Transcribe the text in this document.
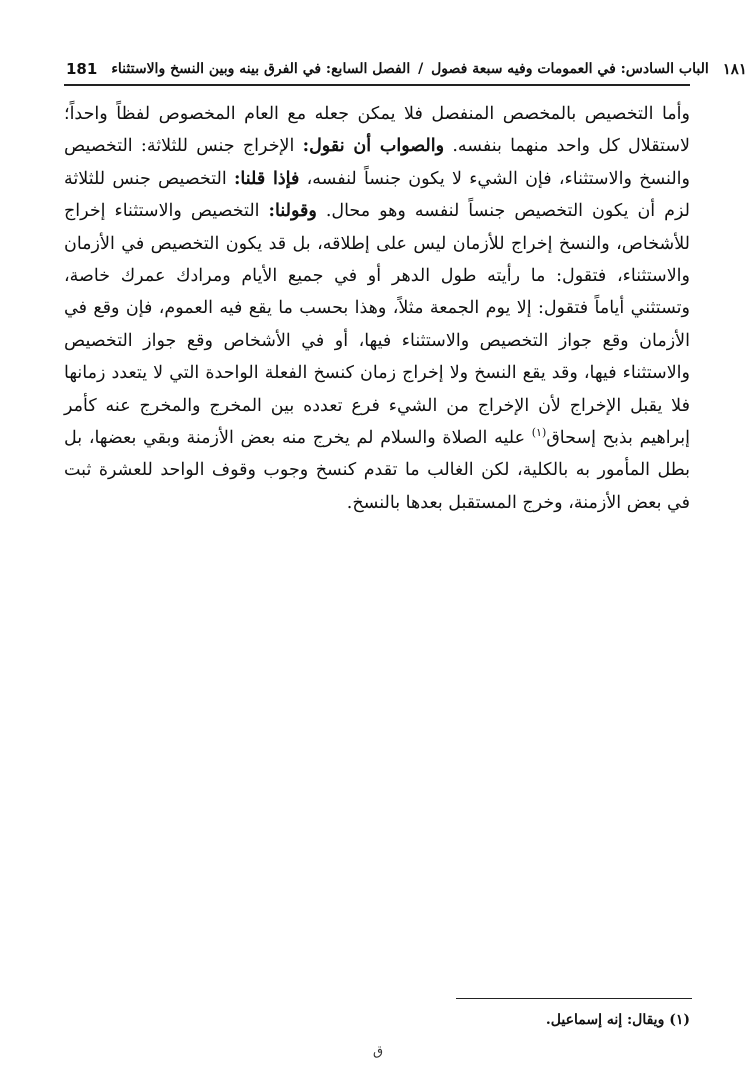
181	الباب السادس: في العمومات وفيه سبعة فصول / الفصل السابع: في الفرق بينه وبين النسخ والاستثناء	١٨١
وأما التخصيص بالمخصص المنفصل فلا يمكن جعله مع العام المخصوص لفظاً واحداً؛ لاستقلال كل واحد منهما بنفسه. والصواب أن نقول: الإخراج جنس للثلاثة: التخصيص والنسخ والاستثناء، فإن الشيء لا يكون جنساً لنفسه، فإذا قلنا: التخصيص جنس للثلاثة لزم أن يكون التخصيص جنساً لنفسه وهو محال. وقولنا: التخصيص والاستثناء إخراج للأشخاص، والنسخ إخراج للأزمان ليس على إطلاقه، بل قد يكون التخصيص في الأزمان والاستثناء، فتقول: ما رأيته طول الدهر أو في جميع الأيام ومرادك عمرك خاصة، وتستثني أياماً فتقول: إلا يوم الجمعة مثلاً، وهذا بحسب ما يقع فيه العموم، فإن وقع في الأزمان وقع جواز التخصيص والاستثناء فيها، أو في الأشخاص وقع جواز التخصيص والاستثناء فيها، وقد يقع النسخ ولا إخراج زمان كنسخ الفعلة الواحدة التي لا يتعدد زمانها فلا يقبل الإخراج لأن الإخراج من الشيء فرع تعدده بين المخرج والمخرج عنه كأمر إبراهيم بذبح إسحاق$^{(١)}$ عليه الصلاة والسلام لم يخرج منه بعض الأزمنة وبقي بعضها، بل بطل المأمور به بالكلية، لكن الغالب ما تقدم كنسخ وجوب وقوف الواحد للعشرة ثبت في بعض الأزمنة، وخرج المستقبل بعدها بالنسخ.
(١) ويقال: إنه إسماعيل.
ق
